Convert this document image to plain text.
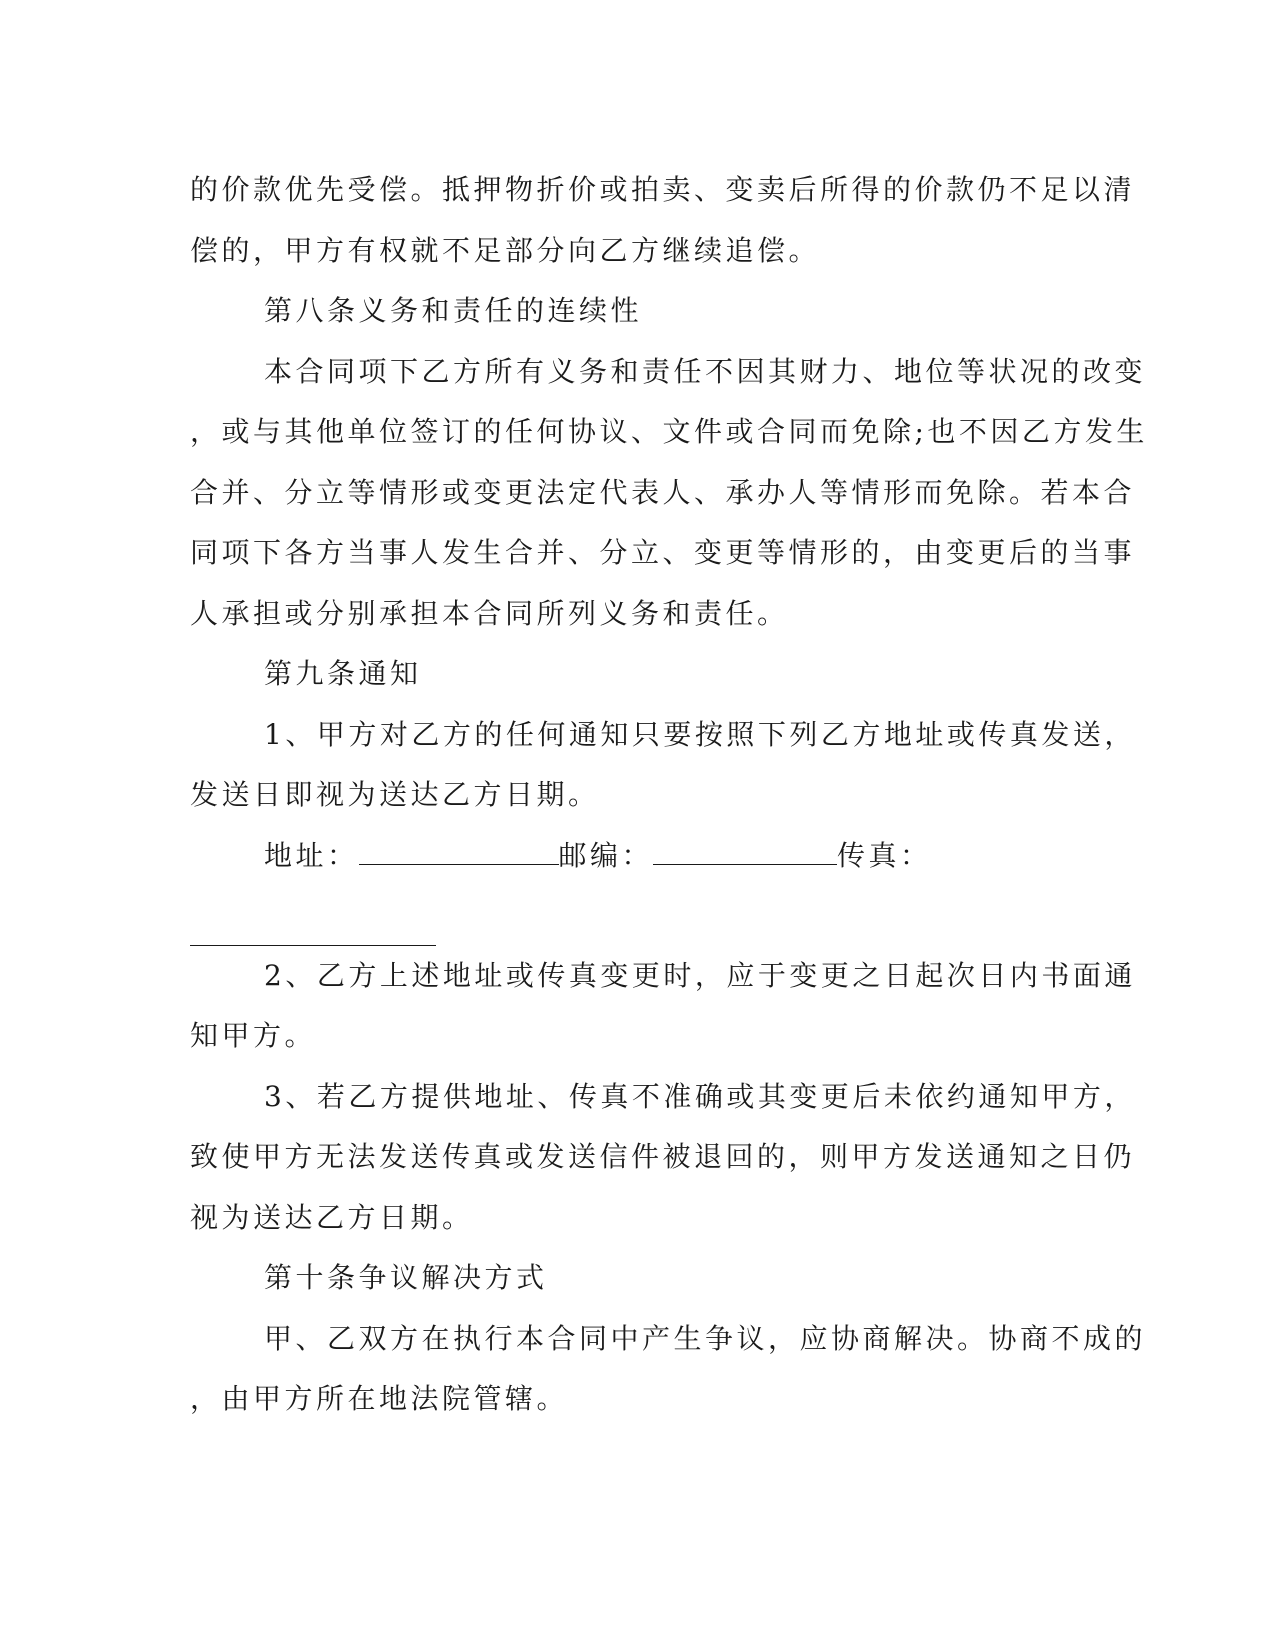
的价款优先受偿。抵押物折价或拍卖、变卖后所得的价款仍不足以清
偿的，甲方有权就不足部分向乙方继续追偿。
第八条义务和责任的连续性
本合同项下乙方所有义务和责任不因其财力、地位等状况的改变
，或与其他单位签订的任何协议、文件或合同而免除;也不因乙方发生
合并、分立等情形或变更法定代表人、承办人等情形而免除。若本合
同项下各方当事人发生合并、分立、变更等情形的，由变更后的当事
人承担或分别承担本合同所列义务和责任。
第九条通知
1、甲方对乙方的任何通知只要按照下列乙方地址或传真发送，
发送日即视为送达乙方日期。
地址：	邮编：	传真：
2、乙方上述地址或传真变更时，应于变更之日起次日内书面通
知甲方。
3、若乙方提供地址、传真不准确或其变更后未依约通知甲方，
致使甲方无法发送传真或发送信件被退回的，则甲方发送通知之日仍
视为送达乙方日期。
第十条争议解决方式
甲、乙双方在执行本合同中产生争议，应协商解决。协商不成的
，由甲方所在地法院管辖。
